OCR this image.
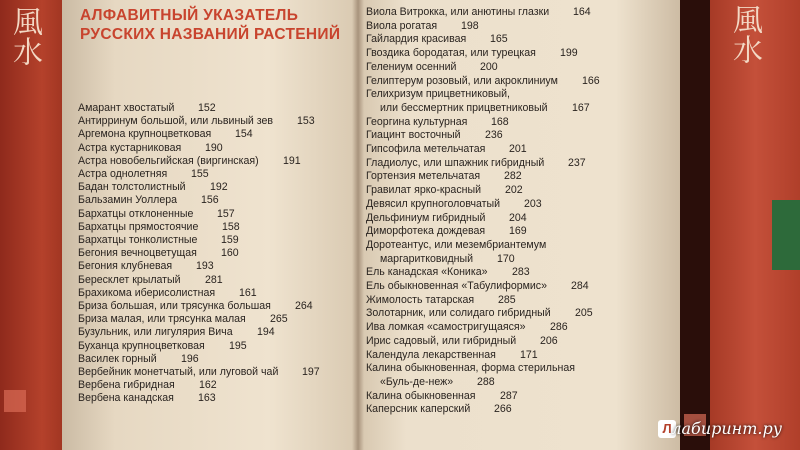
風水	風水
АЛФАВИТНЫЙ УКАЗАТЕЛЬ
РУССКИХ НАЗВАНИЙ РАСТЕНИЙ
Амарант хвостатый 152
Антирринум большой, или львиный зев 153
Аргемона крупноцветковая 154
Астра кустарниковая 190
Астра новобельгийская (виргинская) 191
Астра однолетняя 155
Бадан толстолистный 192
Бальзамин Уоллера 156
Бархатцы отклоненные 157
Бархатцы прямостоячие 158
Бархатцы тонколистные 159
Бегония вечноцветущая 160
Бегония клубневая 193
Бересклет крылатый 281
Брахикома иберисолистная 161
Бриза большая, или трясунка большая 264
Бриза малая, или трясунка малая 265
Бузульник, или лигулярия Вича 194
Буханца крупноцветковая 195
Василек горный 196
Вербейник монетчатый, или луговой чай 197
Вербена гибридная 162
Вербена канадская 163
Виола Витрокка, или анютины глазки 164
Виола рогатая 198
Гайлардия красивая 165
Гвоздика бородатая, или турецкая 199
Гелениум осенний 200
Гелиптерум розовый, или акроклиниум 166
Гелихризум прицветниковый,
или бессмертник прицветниковый 167
Георгина культурная 168
Гиацинт восточный 236
Гипсофила метельчатая 201
Гладиолус, или шпажник гибридный 237
Гортензия метельчатая 282
Гравилат ярко-красный 202
Девясил крупноголовчатый 203
Дельфиниум гибридный 204
Диморфотека дождевая 169
Доротеантус, или мезембриантемум
маргаритковидный 170
Ель канадская «Коника» 283
Ель обыкновенная «Табулиформис» 284
Жимолость татарская 285
Золотарник, или солидаго гибридный 205
Ива ломкая «самостригущаяся» 286
Ирис садовый, или гибридный 206
Календула лекарственная 171
Калина обыкновенная, форма стерильная
«Буль-де-неж» 288
Калина обыкновенная 287
Каперсник каперский 266
Л лабиринт.ру
